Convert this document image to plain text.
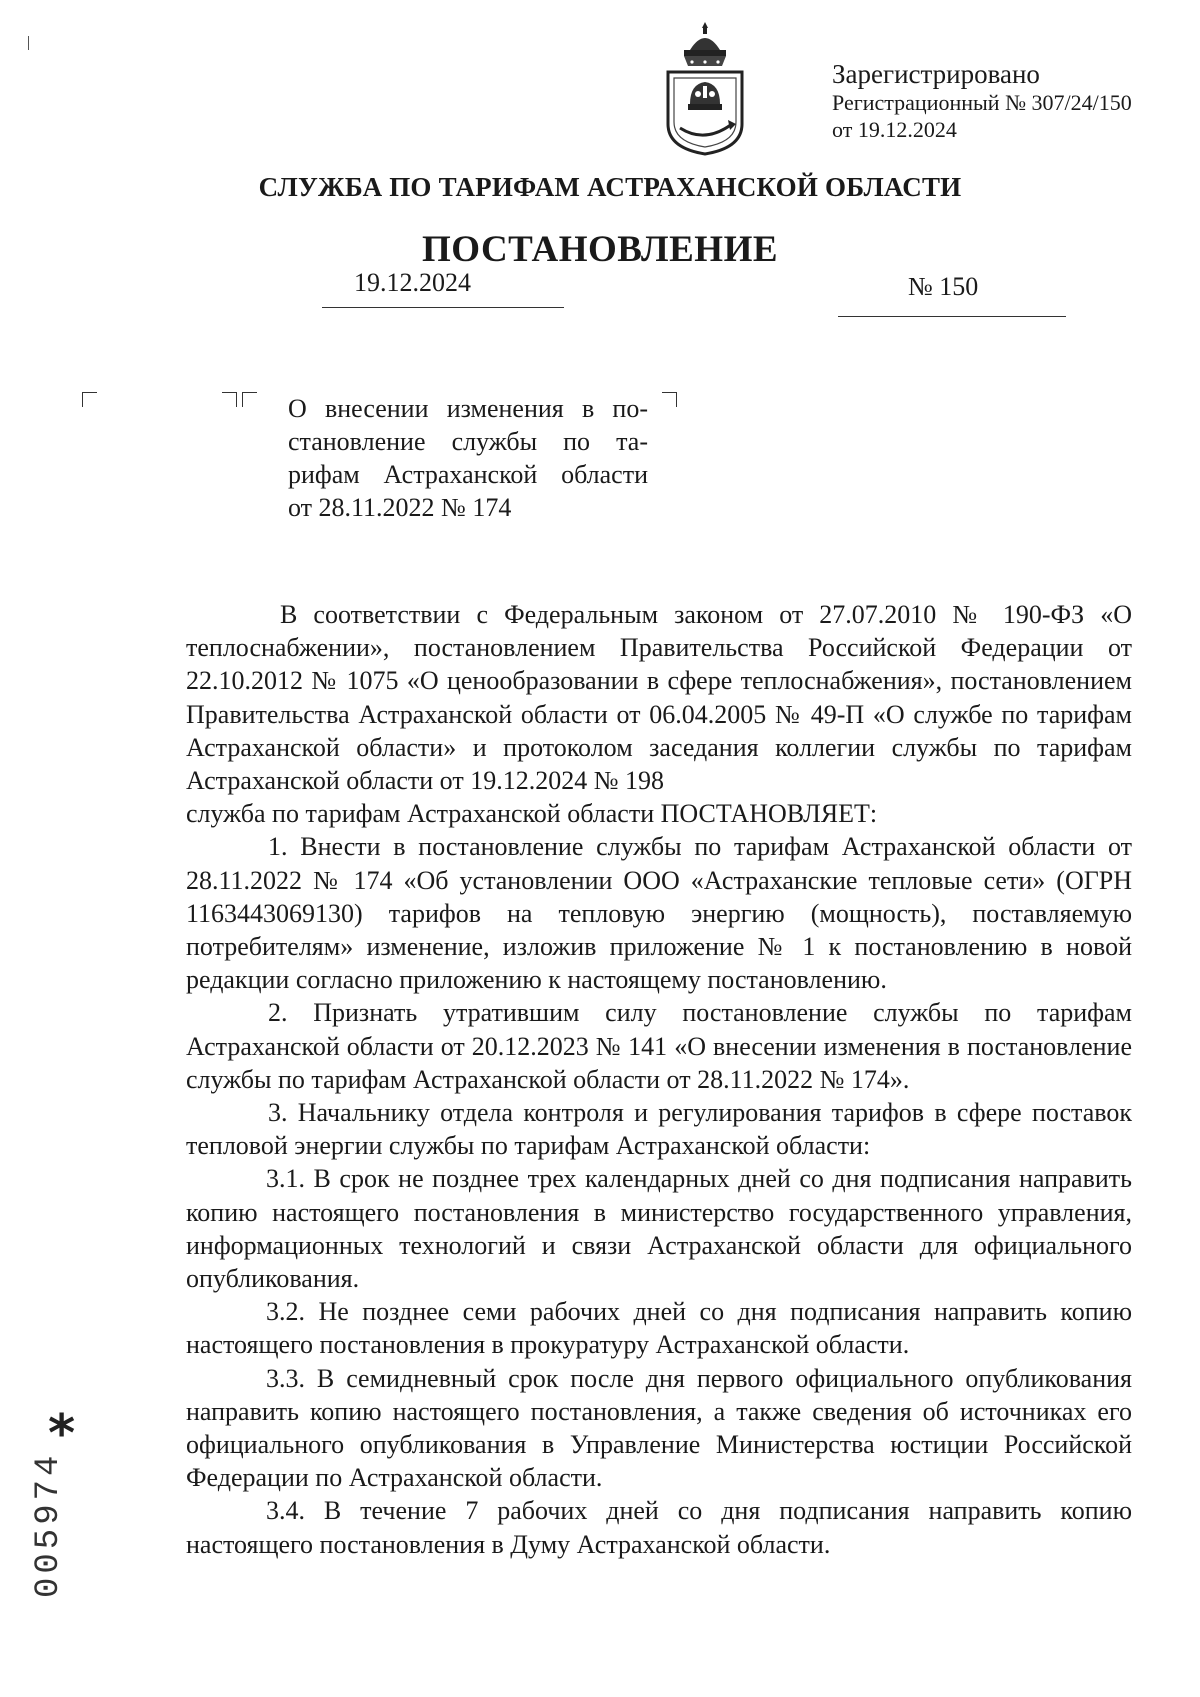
Зарегистрировано
Регистрационный № 307/24/150
от 19.12.2024
СЛУЖБА ПО ТАРИФАМ АСТРАХАНСКОЙ ОБЛАСТИ
ПОСТАНОВЛЕНИЕ
19.12.2024	№ 150
О внесении изменения в по-
становление службы по та-
рифам Астраханской области
от 28.11.2022 № 174

В соответствии с Федеральным законом от 27.07.2010 № 190-ФЗ «О теплоснабжении», постановлением Правительства Российской Федерации от 22.10.2012 № 1075 «О ценообразовании в сфере теплоснабжения», постановлением Правительства Астраханской области от 06.04.2005 № 49-П «О службе по тарифам Астраханской области» и протоколом заседания коллегии службы по тарифам Астраханской области от 19.12.2024 № 198

служба по тарифам Астраханской области ПОСТАНОВЛЯЕТ:

1. Внести в постановление службы по тарифам Астраханской области от 28.11.2022 № 174 «Об установлении ООО «Астраханские тепловые сети» (ОГРН 1163443069130) тарифов на тепловую энергию (мощность), поставляемую потребителям» изменение, изложив приложение № 1 к постановлению в новой редакции согласно приложению к настоящему постановлению.

2. Признать утратившим силу постановление службы по тарифам Астраханской области от 20.12.2023 № 141 «О внесении изменения в постановление службы по тарифам Астраханской области от 28.11.2022 № 174».

3. Начальнику отдела контроля и регулирования тарифов в сфере поставок тепловой энергии службы по тарифам Астраханской области:

3.1. В срок не позднее трех календарных дней со дня подписания направить копию настоящего постановления в министерство государственного управления, информационных технологий и связи Астраханской области для официального опубликования.

3.2. Не позднее семи рабочих дней со дня подписания направить копию настоящего постановления в прокуратуру Астраханской области.

3.3. В семидневный срок после дня первого официального опубликования направить копию настоящего постановления, а также сведения об источниках его официального опубликования в Управление Министерства юстиции Российской Федерации по Астраханской области.

3.4. В течение 7 рабочих дней со дня подписания направить копию настоящего постановления в Думу Астраханской области.

*
005974
